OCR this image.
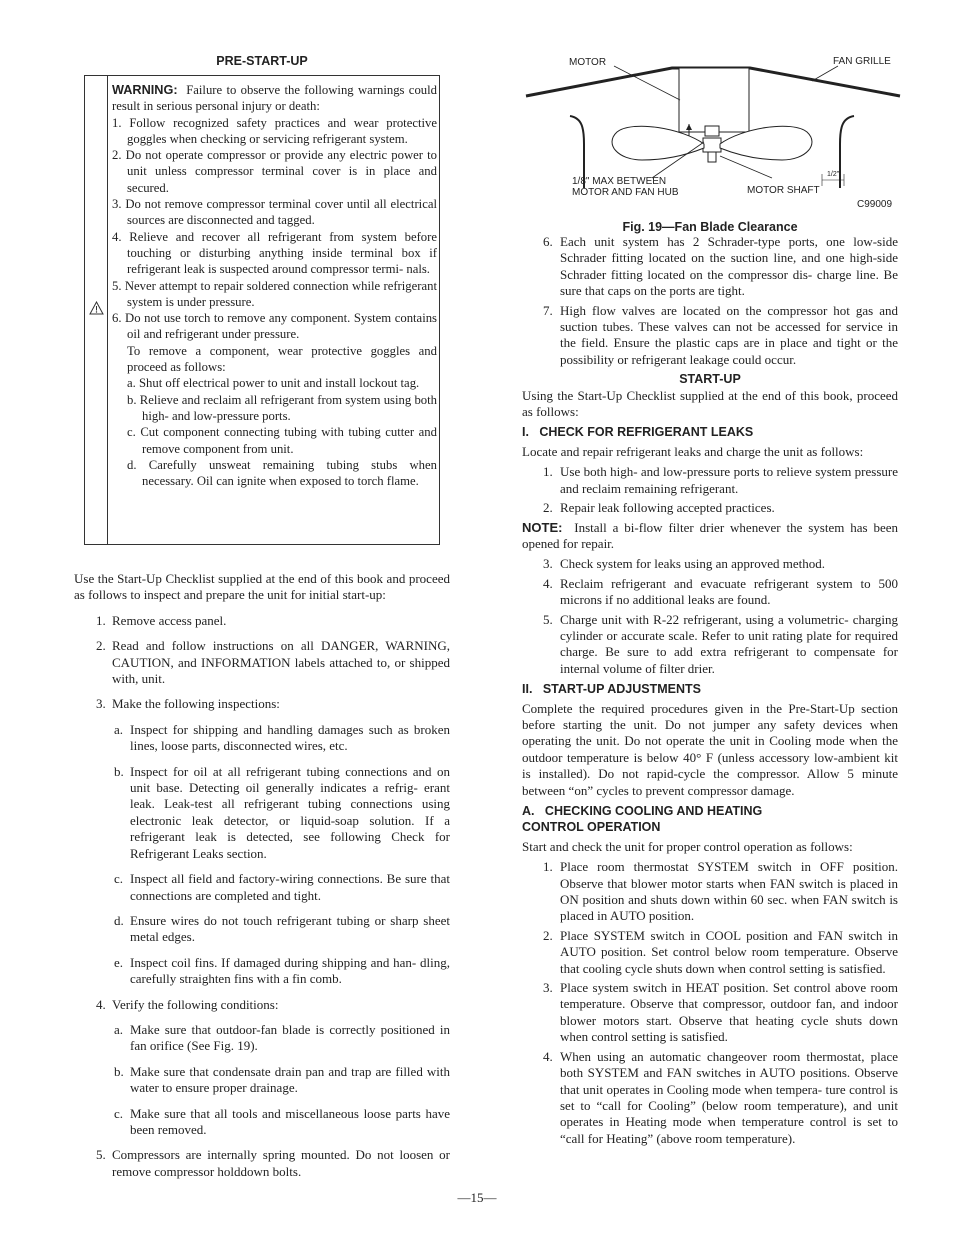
PRE-START-UP

WARNING: Failure to observe the following warnings could result in serious personal injury or death:

1. Follow recognized safety practices and wear protective goggles when checking or servicing refrigerant system.

2. Do not operate compressor or provide any electric power to unit unless compressor terminal cover is in place and secured.

3. Do not remove compressor terminal cover until all electrical sources are disconnected and tagged.

4. Relieve and recover all refrigerant from system before touching or disturbing anything inside terminal box if refrigerant leak is suspected around compressor termi- nals.

5. Never attempt to repair soldered connection while refrigerant system is under pressure.

6. Do not use torch to remove any component. System contains oil and refrigerant under pressure.

To remove a component, wear protective goggles and proceed as follows:

a. Shut off electrical power to unit and install lockout tag.

b. Relieve and reclaim all refrigerant from system using both high- and low-pressure ports.

c. Cut component connecting tubing with tubing cutter and remove component from unit.

d. Carefully unsweat remaining tubing stubs when necessary. Oil can ignite when exposed to torch flame.

Use the Start-Up Checklist supplied at the end of this book and proceed as follows to inspect and prepare the unit for initial start-up:

1. Remove access panel.
2. Read and follow instructions on all DANGER, WARNING, CAUTION, and INFORMATION labels attached to, or shipped with, unit.
3. Make the following inspections:
a. Inspect for shipping and handling damages such as broken lines, loose parts, disconnected wires, etc.
b. Inspect for oil at all refrigerant tubing connections and on unit base. Detecting oil generally indicates a refrig- erant leak. Leak-test all refrigerant tubing connections using electronic leak detector, or liquid-soap solution. If a refrigerant leak is detected, see following Check for Refrigerant Leaks section.
c. Inspect all field and factory-wiring connections. Be sure that connections are completed and tight.
d. Ensure wires do not touch refrigerant tubing or sharp sheet metal edges.
e. Inspect coil fins. If damaged during shipping and han- dling, carefully straighten fins with a fin comb.
4. Verify the following conditions:
a. Make sure that outdoor-fan blade is correctly positioned in fan orifice (See Fig. 19).
b. Make sure that condensate drain pan and trap are filled with water to ensure proper drainage.
c. Make sure that all tools and miscellaneous loose parts have been removed.
5. Compressors are internally spring mounted. Do not loosen or remove compressor holddown bolts.
MOTOR	FAN GRILLE
1/8" MAX BETWEEN
MOTOR AND FAN HUB	MOTOR SHAFT
1/2"
C99009
Fig. 19—Fan Blade Clearance
6. Each unit system has 2 Schrader-type ports, one low-side Schrader fitting located on the suction line, and one high-side Schrader fitting located on the compressor dis- charge line. Be sure that caps on the ports are tight.
7. High flow valves are located on the compressor hot gas and suction tubes. These valves can not be accessed for service in the field. Ensure the plastic caps are in place and tight or the possibility or refrigerant leakage could occur.
START-UP

Using the Start-Up Checklist supplied at the end of this book, proceed as follows:

I.   CHECK FOR REFRIGERANT LEAKS

Locate and repair refrigerant leaks and charge the unit as follows:

1. Use both high- and low-pressure ports to relieve system pressure and reclaim remaining refrigerant.
2. Repair leak following accepted practices.

NOTE: Install a bi-flow filter drier whenever the system has been opened for repair.

3. Check system for leaks using an approved method.
4. Reclaim refrigerant and evacuate refrigerant system to 500 microns if no additional leaks are found.
5. Charge unit with R-22 refrigerant, using a volumetric- charging cylinder or accurate scale. Refer to unit rating plate for required charge. Be sure to add extra refrigerant to compensate for internal volume of filter drier.
II.   START-UP ADJUSTMENTS

Complete the required procedures given in the Pre-Start-Up section before starting the unit. Do not jumper any safety devices when operating the unit. Do not operate the unit in Cooling mode when the outdoor temperature is below 40° F (unless accessory low-ambient kit is installed). Do not rapid-cycle the compressor. Allow 5 minute between “on” cycles to prevent compressor damage.

A.   CHECKING COOLING AND HEATING
CONTROL OPERATION

Start and check the unit for proper control operation as follows:

1. Place room thermostat SYSTEM switch in OFF position. Observe that blower motor starts when FAN switch is placed in ON position and shuts down within 60 sec. when FAN switch is placed in AUTO position.
2. Place SYSTEM switch in COOL position and FAN switch in AUTO position. Set control below room temperature. Observe that cooling cycle shuts down when control setting is satisfied.
3. Place system switch in HEAT position. Set control above room temperature. Observe that compressor, outdoor fan, and indoor blower motors start. Observe that heating cycle shuts down when control setting is satisfied.
4. When using an automatic changeover room thermostat, place both SYSTEM and FAN switches in AUTO positions. Observe that unit operates in Cooling mode when tempera- ture control is set to “call for Cooling” (below room temperature), and unit operates in Heating mode when temperature control is set to “call for Heating” (above room temperature).
—15—
